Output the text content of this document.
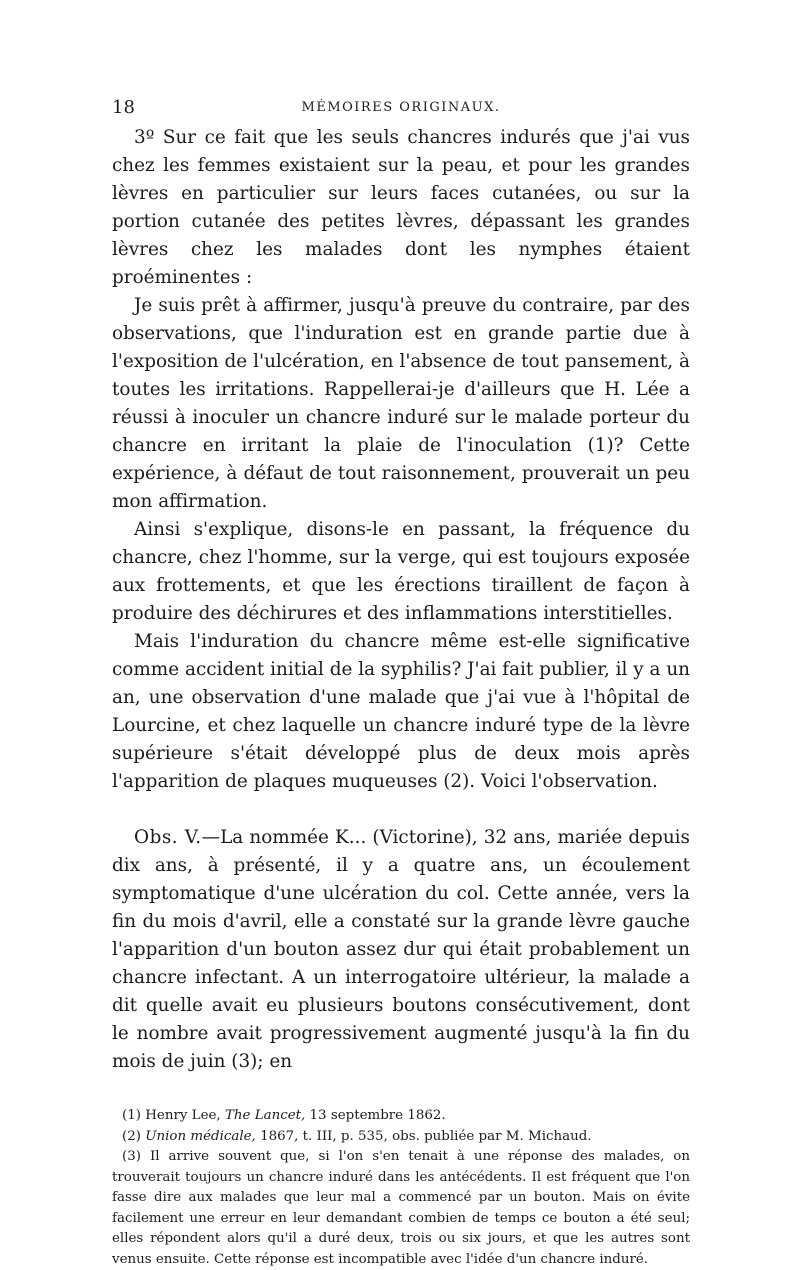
18	MÉMOIRES ORIGINAUX.

3º Sur ce fait que les seuls chancres indurés que j'ai vus chez les femmes existaient sur la peau, et pour les grandes lèvres en particulier sur leurs faces cutanées, ou sur la portion cutanée des petites lèvres, dépassant les grandes lèvres chez les malades dont les nymphes étaient proéminentes :

Je suis prêt à affirmer, jusqu'à preuve du contraire, par des observations, que l'induration est en grande partie due à l'exposition de l'ulcération, en l'absence de tout pansement, à toutes les irritations. Rappellerai-je d'ailleurs que H. Lée a réussi à inoculer un chancre induré sur le malade porteur du chancre en irritant la plaie de l'inoculation (1)? Cette expérience, à défaut de tout raisonnement, prouverait un peu mon affirmation.

Ainsi s'explique, disons-le en passant, la fréquence du chancre, chez l'homme, sur la verge, qui est toujours exposée aux frottements, et que les érections tiraillent de façon à produire des déchirures et des inflammations interstitielles.

Mais l'induration du chancre même est-elle significative comme accident initial de la syphilis? J'ai fait publier, il y a un an, une observation d'une malade que j'ai vue à l'hôpital de Lourcine, et chez laquelle un chancre induré type de la lèvre supérieure s'était développé plus de deux mois après l'apparition de plaques muqueuses (2). Voici l'observation.

Obs. V.—La nommée K... (Victorine), 32 ans, mariée depuis dix ans, à présenté, il y a quatre ans, un écoulement symptomatique d'une ulcération du col. Cette année, vers la fin du mois d'avril, elle a constaté sur la grande lèvre gauche l'apparition d'un bouton assez dur qui était probablement un chancre infectant. A un interrogatoire ultérieur, la malade a dit quelle avait eu plusieurs boutons consécutivement, dont le nombre avait progressivement augmenté jusqu'à la fin du mois de juin (3); en

(1) Henry Lee, The Lancet, 13 septembre 1862.

(2) Union médicale, 1867, t. III, p. 535, obs. publiée par M. Michaud.

(3) Il arrive souvent que, si l'on s'en tenait à une réponse des malades, on trouverait toujours un chancre induré dans les antécédents. Il est fréquent que l'on fasse dire aux malades que leur mal a commencé par un bouton. Mais on évite facilement une erreur en leur demandant combien de temps ce bouton a été seul; elles répondent alors qu'il a duré deux, trois ou six jours, et que les autres sont venus ensuite. Cette réponse est incompatible avec l'idée d'un chancre induré.
